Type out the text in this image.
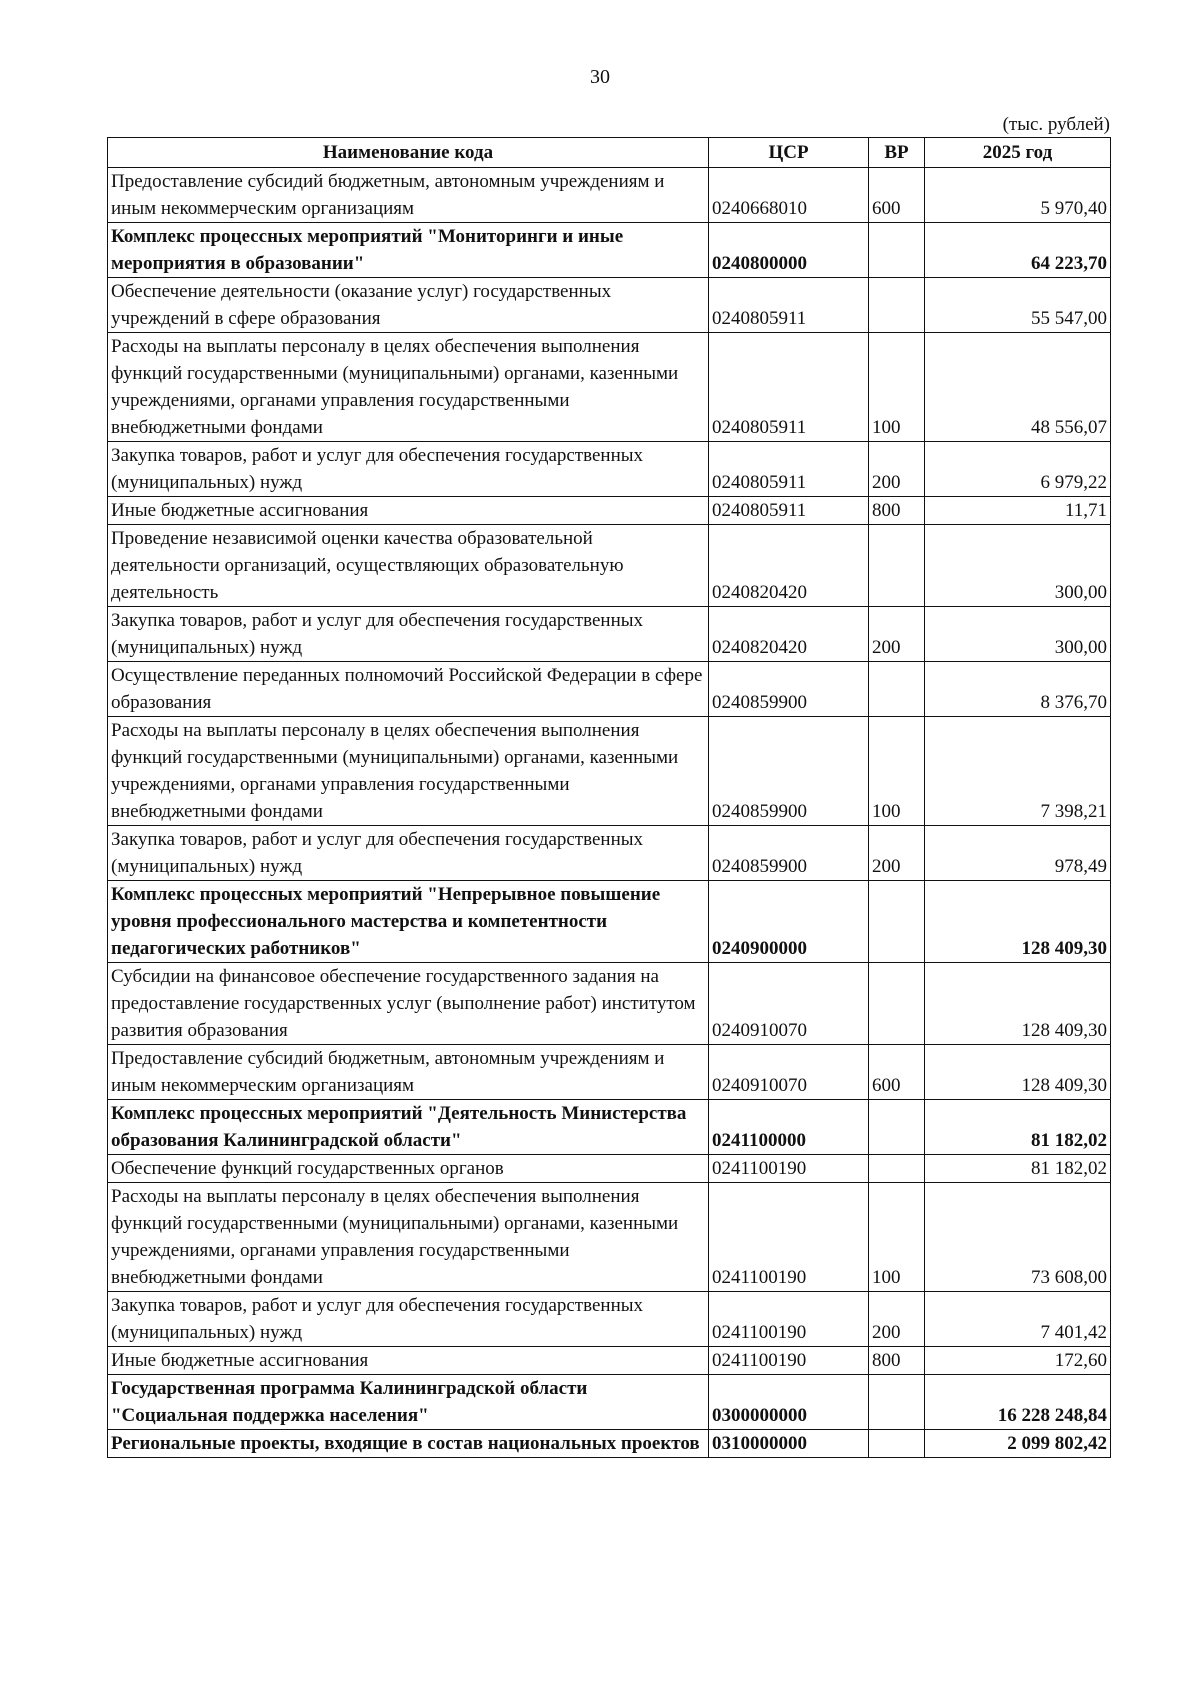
30
(тыс. рублей)
Наименование кода	ЦСР	ВР	2025 год
Предоставление субсидий бюджетным, автономным учреждениям и иным некоммерческим организациям	0240668010	600	5 970,40
Комплекс процессных мероприятий "Мониторинги и иные мероприятия в образовании"	0240800000		64 223,70
Обеспечение деятельности (оказание услуг) государственных учреждений в сфере образования	0240805911		55 547,00
Расходы на выплаты персоналу в целях обеспечения выполнения функций государственными (муниципальными) органами, казенными учреждениями, органами управления государственными внебюджетными фондами	0240805911	100	48 556,07
Закупка товаров, работ и услуг для обеспечения государственных (муниципальных) нужд	0240805911	200	6 979,22
Иные бюджетные ассигнования	0240805911	800	11,71
Проведение независимой оценки качества образовательной деятельности организаций, осуществляющих образовательную деятельность	0240820420		300,00
Закупка товаров, работ и услуг для обеспечения государственных (муниципальных) нужд	0240820420	200	300,00
Осуществление переданных полномочий Российской Федерации в сфере образования	0240859900		8 376,70
Расходы на выплаты персоналу в целях обеспечения выполнения функций государственными (муниципальными) органами, казенными учреждениями, органами управления государственными внебюджетными фондами	0240859900	100	7 398,21
Закупка товаров, работ и услуг для обеспечения государственных (муниципальных) нужд	0240859900	200	978,49
Комплекс процессных мероприятий "Непрерывное повышение уровня профессионального мастерства и компетентности педагогических работников"	0240900000		128 409,30
Субсидии на финансовое обеспечение государственного задания на предоставление государственных услуг (выполнение работ) институтом развития образования	0240910070		128 409,30
Предоставление субсидий бюджетным, автономным учреждениям и иным некоммерческим организациям	0240910070	600	128 409,30
Комплекс процессных мероприятий "Деятельность Министерства образования Калининградской области"	0241100000		81 182,02
Обеспечение функций государственных органов	0241100190		81 182,02
Расходы на выплаты персоналу в целях обеспечения выполнения функций государственными (муниципальными) органами, казенными учреждениями, органами управления государственными внебюджетными фондами	0241100190	100	73 608,00
Закупка товаров, работ и услуг для обеспечения государственных (муниципальных) нужд	0241100190	200	7 401,42
Иные бюджетные ассигнования	0241100190	800	172,60
Государственная программа Калининградской области "Социальная поддержка населения"	0300000000		16 228 248,84
Региональные проекты, входящие в состав национальных проектов	0310000000		2 099 802,42
